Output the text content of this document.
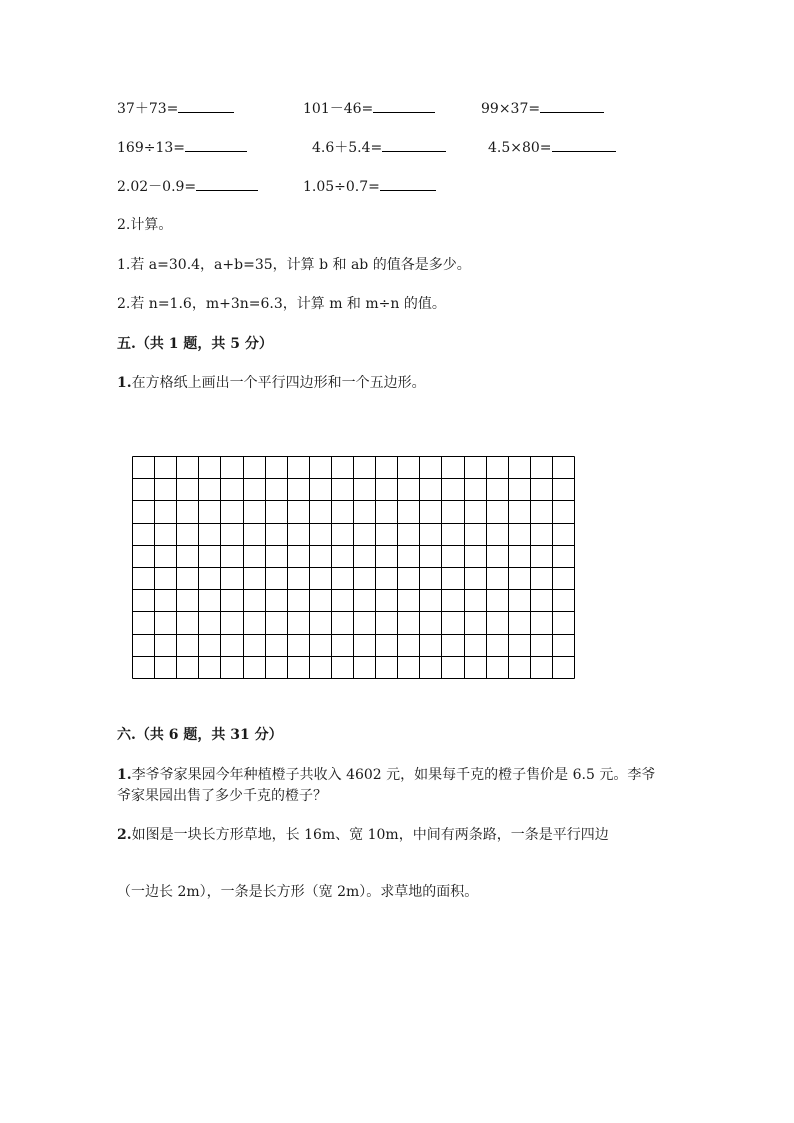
37＋73=	101－46=	99×37=
169÷13=	4.6＋5.4=	4.5×80=
2.02－0.9=	1.05÷0.7=
2.计算。
1.若 a=30.4，a+b=35，计算 b 和 ab 的值各是多少。
2.若 n=1.6，m+3n=6.3，计算 m 和 m÷n 的值。
五.（共 1 题，共 5 分）
1.在方格纸上画出一个平行四边形和一个五边形。
六.（共 6 题，共 31 分）
1.李爷爷家果园今年种植橙子共收入 4602 元，如果每千克的橙子售价是 6.5 元。李爷爷家果园出售了多少千克的橙子？
2.如图是一块长方形草地，长 16m、宽 10m，中间有两条路，一条是平行四边
（一边长 2m），一条是长方形（宽 2m）。求草地的面积。
